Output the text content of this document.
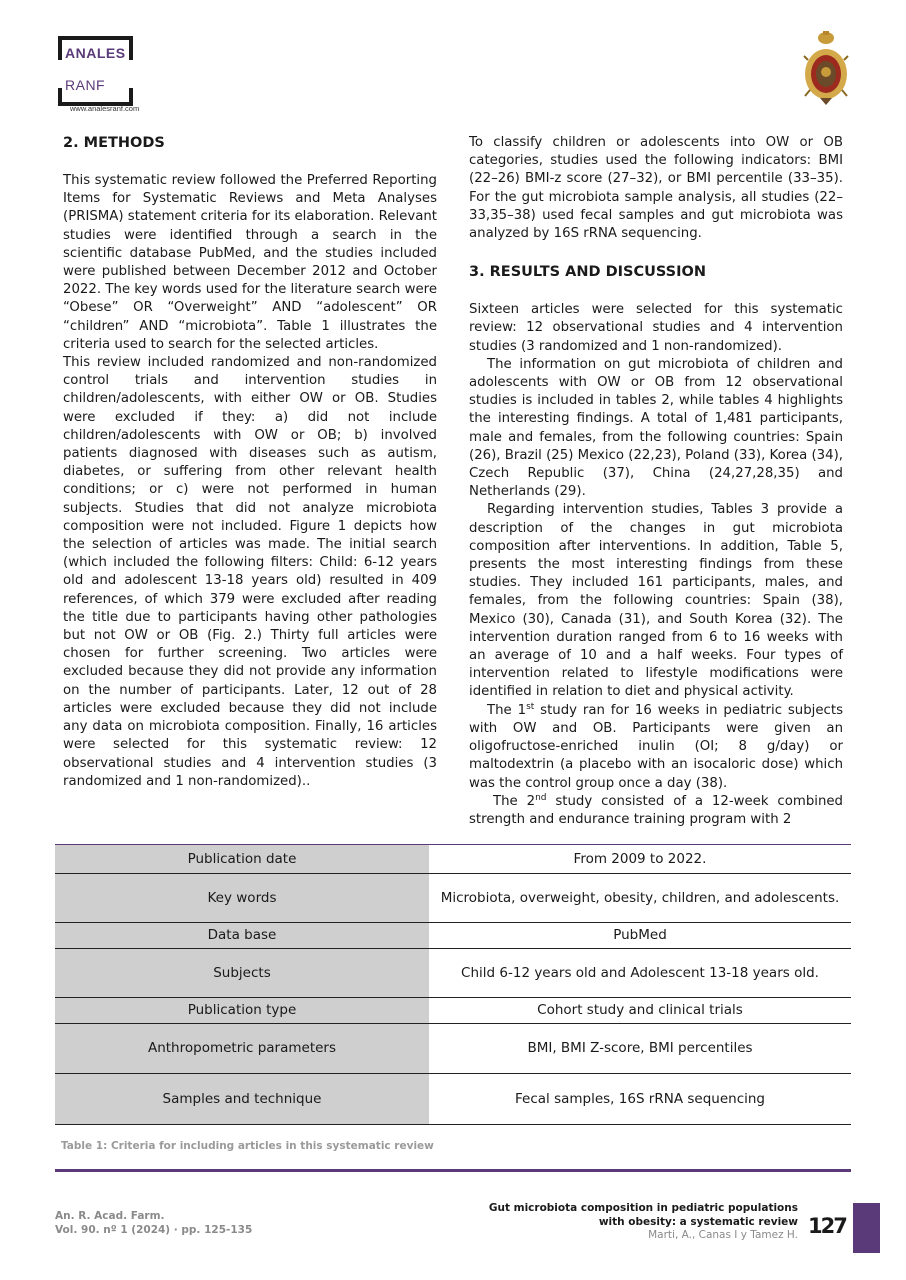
ANALES
RANF
www.analesranf.com
2. METHODS

This systematic review followed the Preferred Reporting Items for Systematic Reviews and Meta Analyses (PRISMA) statement criteria for its elaboration. Relevant studies were identified through a search in the scientific database PubMed, and the studies included were published between December 2012 and October 2022. The key words used for the literature search were “Obese” OR “Overweight” AND “adolescent” OR “children” AND “microbiota”. Table 1 illustrates the criteria used to search for the selected articles.

This review included randomized and non-randomized control trials and intervention studies in children/adolescents, with either OW or OB. Studies were excluded if they: a) did not include children/adolescents with OW or OB; b) involved patients diagnosed with diseases such as autism, diabetes, or suffering from other relevant health conditions; or c) were not performed in human subjects. Studies that did not analyze microbiota composition were not included. Figure 1 depicts how the selection of articles was made. The initial search (which included the following filters: Child: 6-12 years old and adolescent 13-18 years old) resulted in 409 references, of which 379 were excluded after reading the title due to participants having other pathologies but not OW or OB (Fig. 2.) Thirty full articles were chosen for further screening. Two articles were excluded because they did not provide any information on the number of participants. Later, 12 out of 28 articles were excluded because they did not include any data on microbiota composition. Finally, 16 articles were selected for this systematic review: 12 observational studies and 4 intervention studies (3 randomized and 1 non-randomized)..

To classify children or adolescents into OW or OB categories, studies used the following indicators: BMI (22–26) BMI-z score (27–32), or BMI percentile (33–35). For the gut microbiota sample analysis, all studies (22–33,35–38) used fecal samples and gut microbiota was analyzed by 16S rRNA sequencing.

3. RESULTS AND DISCUSSION

Sixteen articles were selected for this systematic review: 12 observational studies and 4 intervention studies (3 randomized and 1 non-randomized).

The information on gut microbiota of children and adolescents with OW or OB from 12 observational studies is included in tables 2, while tables 4 highlights the interesting findings. A total of 1,481 participants, male and females, from the following countries: Spain (26), Brazil (25) Mexico (22,23), Poland (33), Korea (34), Czech Republic (37), China (24,27,28,35) and Netherlands (29).

Regarding intervention studies, Tables 3 provide a description of the changes in gut microbiota composition after interventions. In addition, Table 5, presents the most interesting findings from these studies. They included 161 participants, males, and females, from the following countries: Spain (38), Mexico (30), Canada (31), and South Korea (32). The intervention duration ranged from 6 to 16 weeks with an average of 10 and a half weeks. Four types of intervention related to lifestyle modifications were identified in relation to diet and physical activity.

The 1st study ran for 16 weeks in pediatric subjects with OW and OB. Participants were given an oligofructose-enriched inulin (OI; 8 g/day) or maltodextrin (a placebo with an isocaloric dose) which was the control group once a day (38).

The 2nd study consisted of a 12-week combined strength and endurance training program with 2

Publication date	From 2009 to 2022.
Key words	Microbiota, overweight, obesity, children, and adolescents.
Data base	PubMed
Subjects	Child 6-12 years old and Adolescent 13-18 years old.
Publication type	Cohort study and clinical trials
Anthropometric parameters	BMI, BMI Z-score, BMI percentiles
Samples and technique	Fecal samples, 16S rRNA sequencing
Table 1: Criteria for including articles in this systematic review
An. R. Acad. Farm.
Vol. 90. nº 1 (2024) · pp. 125-135
Gut microbiota composition in pediatric populations
with obesity: a systematic review
Marti, A., Canas I y Tamez H. 127
